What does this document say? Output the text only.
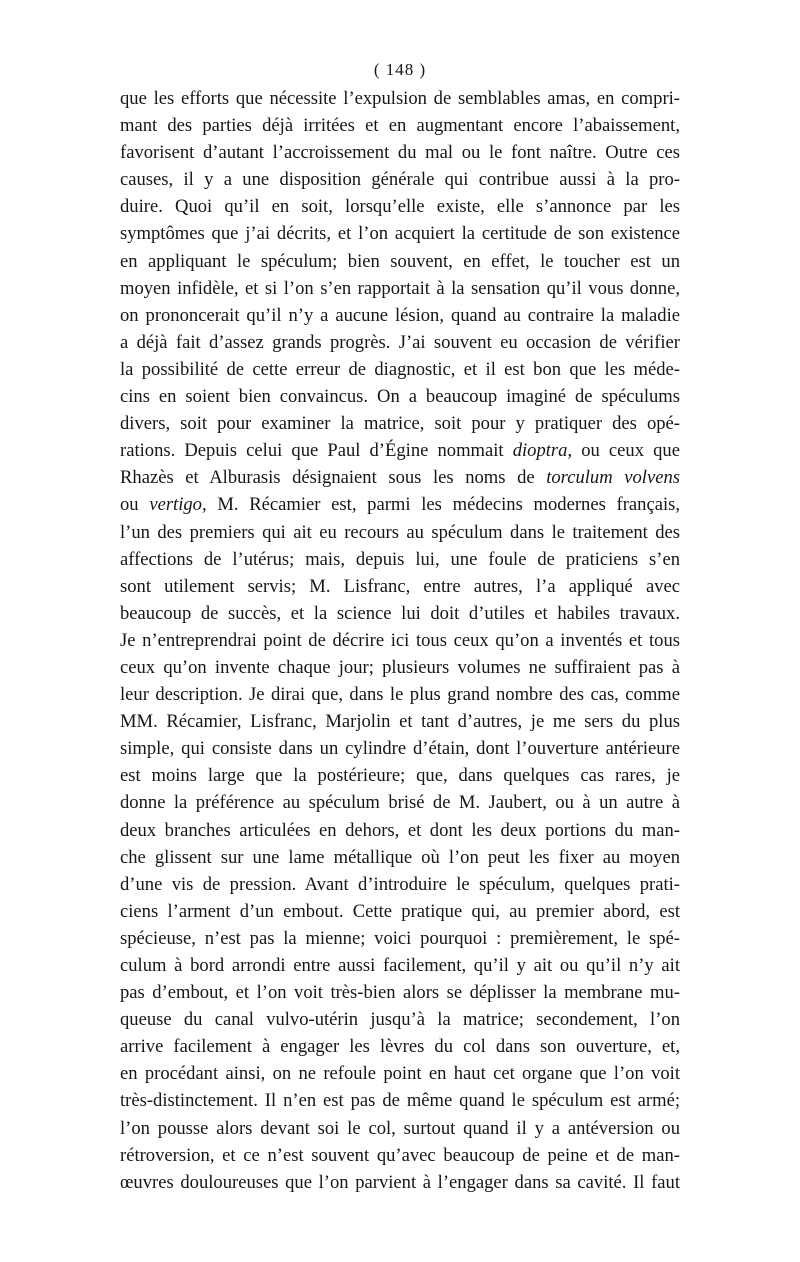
( 148 )
que les efforts que nécessite l’expulsion de semblables amas, en compri-
mant des parties déjà irritées et en augmentant encore l’abaissement,
favorisent d’autant l’accroissement du mal ou le font naître. Outre ces
causes, il y a une disposition générale qui contribue aussi à la pro-
duire. Quoi qu’il en soit, lorsqu’elle existe, elle s’annonce par les
symptômes que j’ai décrits, et l’on acquiert la certitude de son existence
en appliquant le spéculum; bien souvent, en effet, le toucher est un
moyen infidèle, et si l’on s’en rapportait à la sensation qu’il vous donne,
on prononcerait qu’il n’y a aucune lésion, quand au contraire la maladie
a déjà fait d’assez grands progrès. J’ai souvent eu occasion de vérifier
la possibilité de cette erreur de diagnostic, et il est bon que les méde-
cins en soient bien convaincus. On a beaucoup imaginé de spéculums
divers, soit pour examiner la matrice, soit pour y pratiquer des opé-
rations. Depuis celui que Paul d’Égine nommait dioptra, ou ceux que
Rhazès et Alburasis désignaient sous les noms de torculum volvens
ou vertigo, M. Récamier est, parmi les médecins modernes français,
l’un des premiers qui ait eu recours au spéculum dans le traitement des
affections de l’utérus; mais, depuis lui, une foule de praticiens s’en
sont utilement servis; M. Lisfranc, entre autres, l’a appliqué avec
beaucoup de succès, et la science lui doit d’utiles et habiles travaux.
Je n’entreprendrai point de décrire ici tous ceux qu’on a inventés et tous
ceux qu’on invente chaque jour; plusieurs volumes ne suffiraient pas à
leur description. Je dirai que, dans le plus grand nombre des cas, comme
MM. Récamier, Lisfranc, Marjolin et tant d’autres, je me sers du plus
simple, qui consiste dans un cylindre d’étain, dont l’ouverture antérieure
est moins large que la postérieure; que, dans quelques cas rares, je
donne la préférence au spéculum brisé de M. Jaubert, ou à un autre à
deux branches articulées en dehors, et dont les deux portions du man-
che glissent sur une lame métallique où l’on peut les fixer au moyen
d’une vis de pression. Avant d’introduire le spéculum, quelques prati-
ciens l’arment d’un embout. Cette pratique qui, au premier abord, est
spécieuse, n’est pas la mienne; voici pourquoi : premièrement, le spé-
culum à bord arrondi entre aussi facilement, qu’il y ait ou qu’il n’y ait
pas d’embout, et l’on voit très-bien alors se déplisser la membrane mu-
queuse du canal vulvo-utérin jusqu’à la matrice; secondement, l’on
arrive facilement à engager les lèvres du col dans son ouverture, et,
en procédant ainsi, on ne refoule point en haut cet organe que l’on voit
très-distinctement. Il n’en est pas de même quand le spéculum est armé;
l’on pousse alors devant soi le col, surtout quand il y a antéversion ou
rétroversion, et ce n’est souvent qu’avec beaucoup de peine et de man-
œuvres douloureuses que l’on parvient à l’engager dans sa cavité. Il faut
